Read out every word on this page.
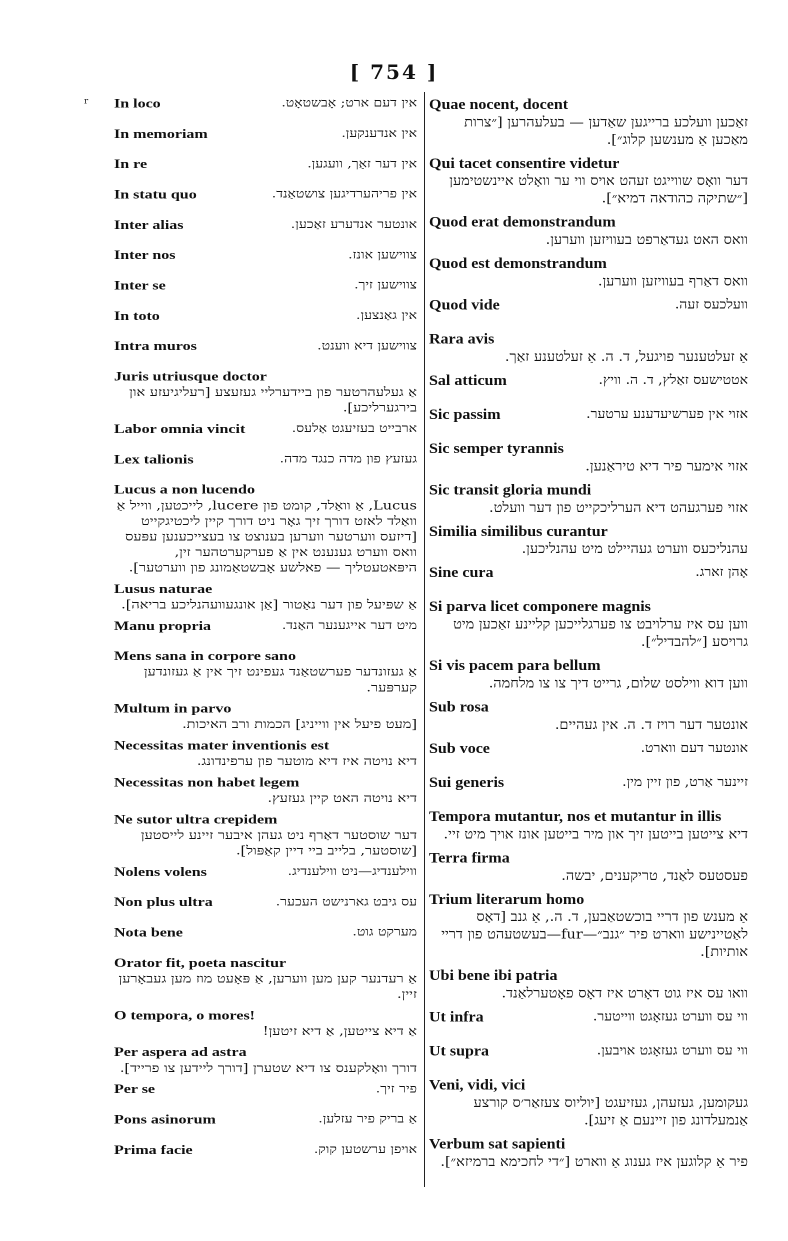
[ 754 ]
ʳ In loco	אין דעם ארט; אָבשטאָט.
In memoriam	אין אנדענקען.
In re	אין דער זאַך, וועגען.
In statu quo	אין פריהערדיגען צושטאַנד.
Inter alias	אונטער אנדערע זאַכען.
Inter nos	צווישען אונז.
Inter se	צווישען זיך.
In toto	אין גאַנצען.
Intra muros	צווישען דיא ווענט.
Juris utriusque doctor
אַ געלעהרטער פון ביידערליי געזעצע [רעליגיעזע און בירגערליכע].
Labor omnia vincit	ארבייט בעזיעגט אַלעס.
Lex talionis	געזעץ פון מדה כנגד מדה.
Lucus a non lucendo
Lucus, אַ וואַלד, קומט פון lucere, לייכטען, ווייל אַ וואַלד לאזט דורך זיך גאָר ניט דורך קיין ליכטיגקייט [דיזעס ווערטער ווערען בענוצט צו בעצייכענען עפּעס וואס ווערט גענענט אין אַ פערקערטהער זין, היפּאטעטליך — פאלשע אָבשטאַמונג פון ווערטער].
Lusus naturae
אַ שפּיעל פון דער נאַטור [אַן אונגעוועהנליכע בריאה].
Manu propria	מיט דער אייגענער האַנד.
Mens sana in corpore sano
אַ געזונדער פערשטאַנד געפינט זיך אין אַ געזונדען קערפּער.
Multum in parvo
[מעט פיעל אין ווייניג] הכמות ורב האיכות.
Necessitas mater inventionis est
דיא נויטה איז דיא מוטער פון ערפינדונג.
Necessitas non habet legem
דיא נויטה האט קיין געזעץ.
Ne sutor ultra crepidem
דער שוסטער דאַרף ניט געהן איבער זיינע לייסטען [שוסטער, בלייב ביי דיין קאַפּול].
Nolens volens	ווילענדיג—ניט ווילענדיג.
Non plus ultra	עס גיבט גארנישט העכער.
Nota bene	מערקט גוט.
Orator fit, poeta nascitur
אַ רעדנער קען מען ווערען, אַ פּאָעט מוז מען געבאָרען זיין.
O tempora, o mores!
אַ דיא צייטען, אַ דיא זיטען!
Per aspera ad astra
דורך וואָלקענס צו דיא שטערן [דורך ליידען צו פרייד].
Per se	פיר זיך.
Pons asinorum	אַ בריק פיר עזלען.
Prima facie	אויפן ערשטען קוק.
Quae nocent, docent
זאַכען וועלכע ברייגען שאַדען — בעלעהרען [״צרות מאַכען אַ מענשען קלוג״].
Qui tacet consentire videtur
דער וואָס שווייגט זעהט אויס ווי ער וואָלט איינשטימען [״שתיקה כהודאה דמיא״].
Quod erat demonstrandum
וואס האט געדאַרפט בעוויזען ווערען.
Quod est demonstrandum
וואס דאַרף בעוויזען ווערען.
Quod vide	וועלכעס זעה.
Rara avis
אַ זעלטענער פויגעל, ד. ה. אַ זעלטענע זאַך.
Sal atticum	אטטישעס זאַלץ, ד. ה. וויץ.
Sic passim	אזוי אין פערשיעדענע ערטער.
Sic semper tyrannis
אזוי אימער פיר דיא טיראַנען.
Sic transit gloria mundi
אזוי פערגעהט דיא הערליכקייט פון דער וועלט.
Similia similibus curantur
עהנליכעס ווערט געהיילט מיט עהנליכען.
Sine cura	אָהן זארג.
Si parva licet componere magnis
ווען עס איז ערלויבט צו פערגלייכען קליינע זאַכען מיט גרויסע [״להבדיל״].
Si vis pacem para bellum
ווען דוא ווילסט שלום, גרייט דיך צו צו מלחמה.
Sub rosa
אונטער דער רויז ד. ה. אין געהיים.
Sub voce	אונטער דעם ווארט.
Sui generis	זיינער אַרט, פון זיין מין.
Tempora mutantur, nos et mutantur in illis
דיא צייטען בייטען זיך און מיר בייטען אונז אויך מיט זיי.
Terra firma
פעסטעס לאַנד, טריקענים, יבשה.
Trium literarum homo
אַ מענש פון דריי בוכשטאַבען, ד. ה., אַ גנב [דאָס לאַטיינישע ווארט פיר ״גנב״—fur—בעשטעהט פון דריי אותיות].
Ubi bene ibi patria
וואו עס איז גוט דאָרט איז דאָס פאָטערלאַנד.
Ut infra	ווי עס ווערט געזאָגט ווייטער.
Ut supra	ווי עס ווערט געזאָגט אויבען.
Veni, vidi, vici
געקומען, געזעהן, געזיעגט [יוליוס צעזאַר׳ס קורצע אַנמעלדונג פון זיינעם אַ זיעג].
Verbum sat sapienti
פיר אַ קלוגען איז גענוג אַ ווארט [״די לחכימא ברמיזא״].
